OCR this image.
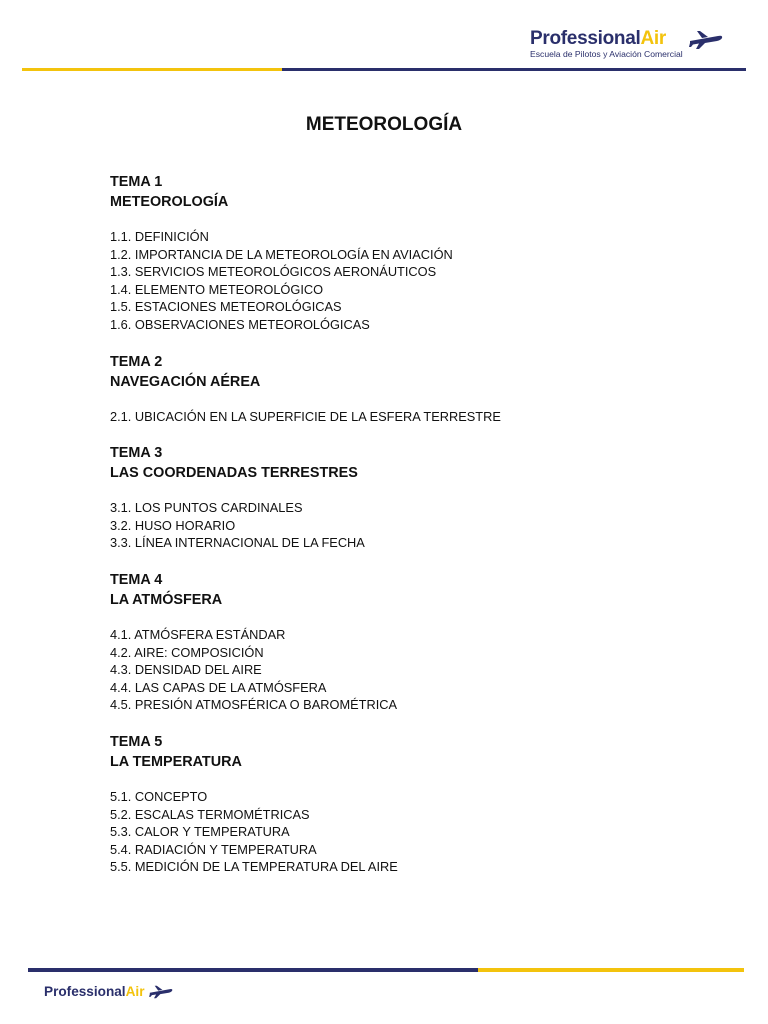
ProfessionalAir
Escuela de Pilotos y Aviación Comercial
METEOROLOGÍA
TEMA 1
METEOROLOGÍA
1.1. DEFINICIÓN
1.2. IMPORTANCIA DE LA METEOROLOGÍA EN AVIACIÓN
1.3. SERVICIOS METEOROLÓGICOS AERONÁUTICOS
1.4. ELEMENTO METEOROLÓGICO
1.5. ESTACIONES METEOROLÓGICAS
1.6. OBSERVACIONES METEOROLÓGICAS
TEMA 2
NAVEGACIÓN AÉREA
2.1. UBICACIÓN EN LA SUPERFICIE DE LA ESFERA TERRESTRE
TEMA 3
LAS COORDENADAS TERRESTRES
3.1. LOS PUNTOS CARDINALES
3.2. HUSO HORARIO
3.3. LÍNEA INTERNACIONAL DE LA FECHA
TEMA 4
LA ATMÓSFERA
4.1. ATMÓSFERA ESTÁNDAR
4.2. AIRE: COMPOSICIÓN
4.3. DENSIDAD DEL AIRE
4.4. LAS CAPAS DE LA ATMÓSFERA
4.5. PRESIÓN ATMOSFÉRICA O BAROMÉTRICA
TEMA 5
LA TEMPERATURA
5.1. CONCEPTO
5.2. ESCALAS TERMOMÉTRICAS
5.3. CALOR Y TEMPERATURA
5.4. RADIACIÓN Y TEMPERATURA
5.5. MEDICIÓN DE LA TEMPERATURA DEL AIRE
ProfessionalAir
